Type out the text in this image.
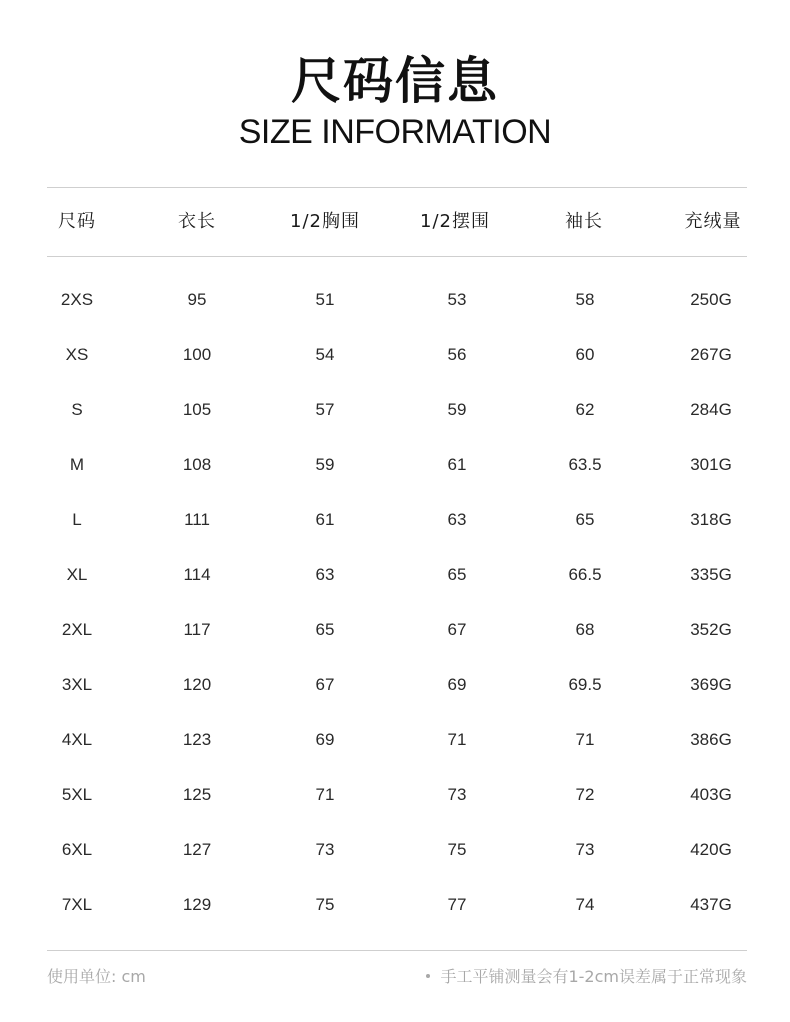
尺码信息
SIZE INFORMATION
尺码	衣长	1/2胸围	1/2摆围	袖长	充绒量
2XS	95	51	53	58	250G
XS	100	54	56	60	267G
S	105	57	59	62	284G
M	108	59	61	63.5	301G
L	111	61	63	65	318G
XL	114	63	65	66.5	335G
2XL	117	65	67	68	352G
3XL	120	67	69	69.5	369G
4XL	123	69	71	71	386G
5XL	125	71	73	72	403G
6XL	127	73	75	73	420G
7XL	129	75	77	74	437G
使用单位: cm	手工平铺测量会有1-2cm误差属于正常现象
